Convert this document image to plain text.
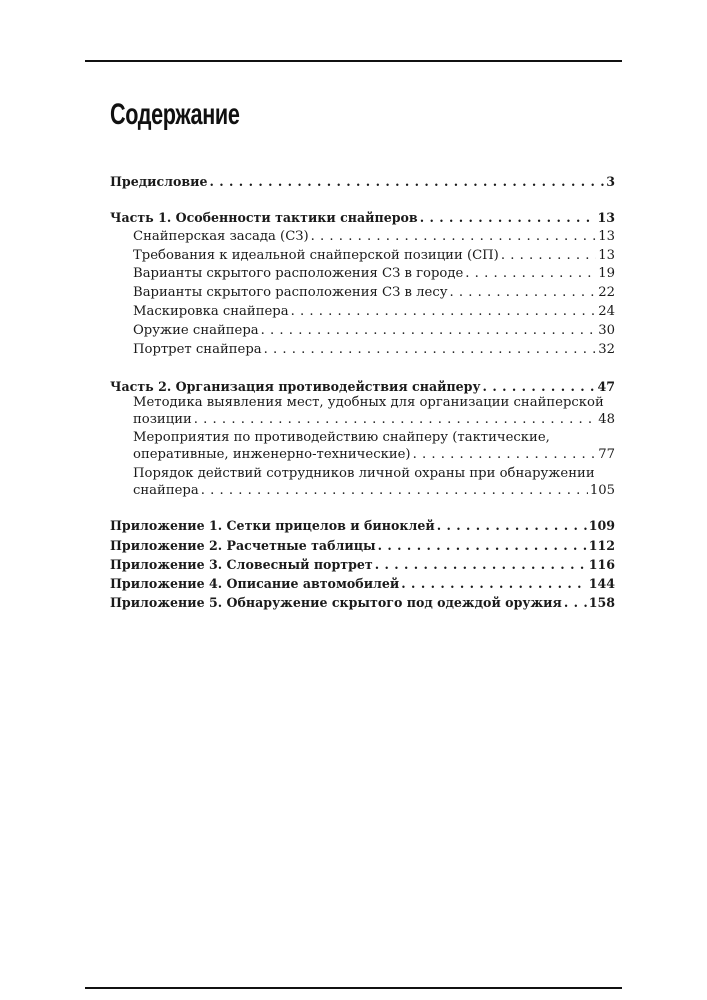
Содержание
Предисловие . . .	3
Часть 1. Особенности тактики снайперов . . .	13
Снайперская засада (СЗ) . . .	13
Требования к идеальной снайперской позиции (СП) . . .	13
Варианты скрытого расположения СЗ в городе . . .	19
Варианты скрытого расположения СЗ в лесу . . .	22
Маскировка снайпера . . .	24
Оружие снайпера . . .	30
Портрет снайпера . . .	32
Часть 2. Организация противодействия снайперу . . .	47
Методика выявления мест, удобных для организации снайперской
позиции . . .	48
Мероприятия по противодействию снайперу (тактические,
оперативные, инженерно-технические) . . .	77
Порядок действий сотрудников личной охраны при обнаружении
снайпера . . .	105
Приложение 1. Сетки прицелов и биноклей . . .	109
Приложение 2. Расчетные таблицы . . .	112
Приложение 3. Словесный портрет . . .	116
Приложение 4. Описание автомобилей . . .	144
Приложение 5. Обнаружение скрытого под одеждой оружия . . . 158
